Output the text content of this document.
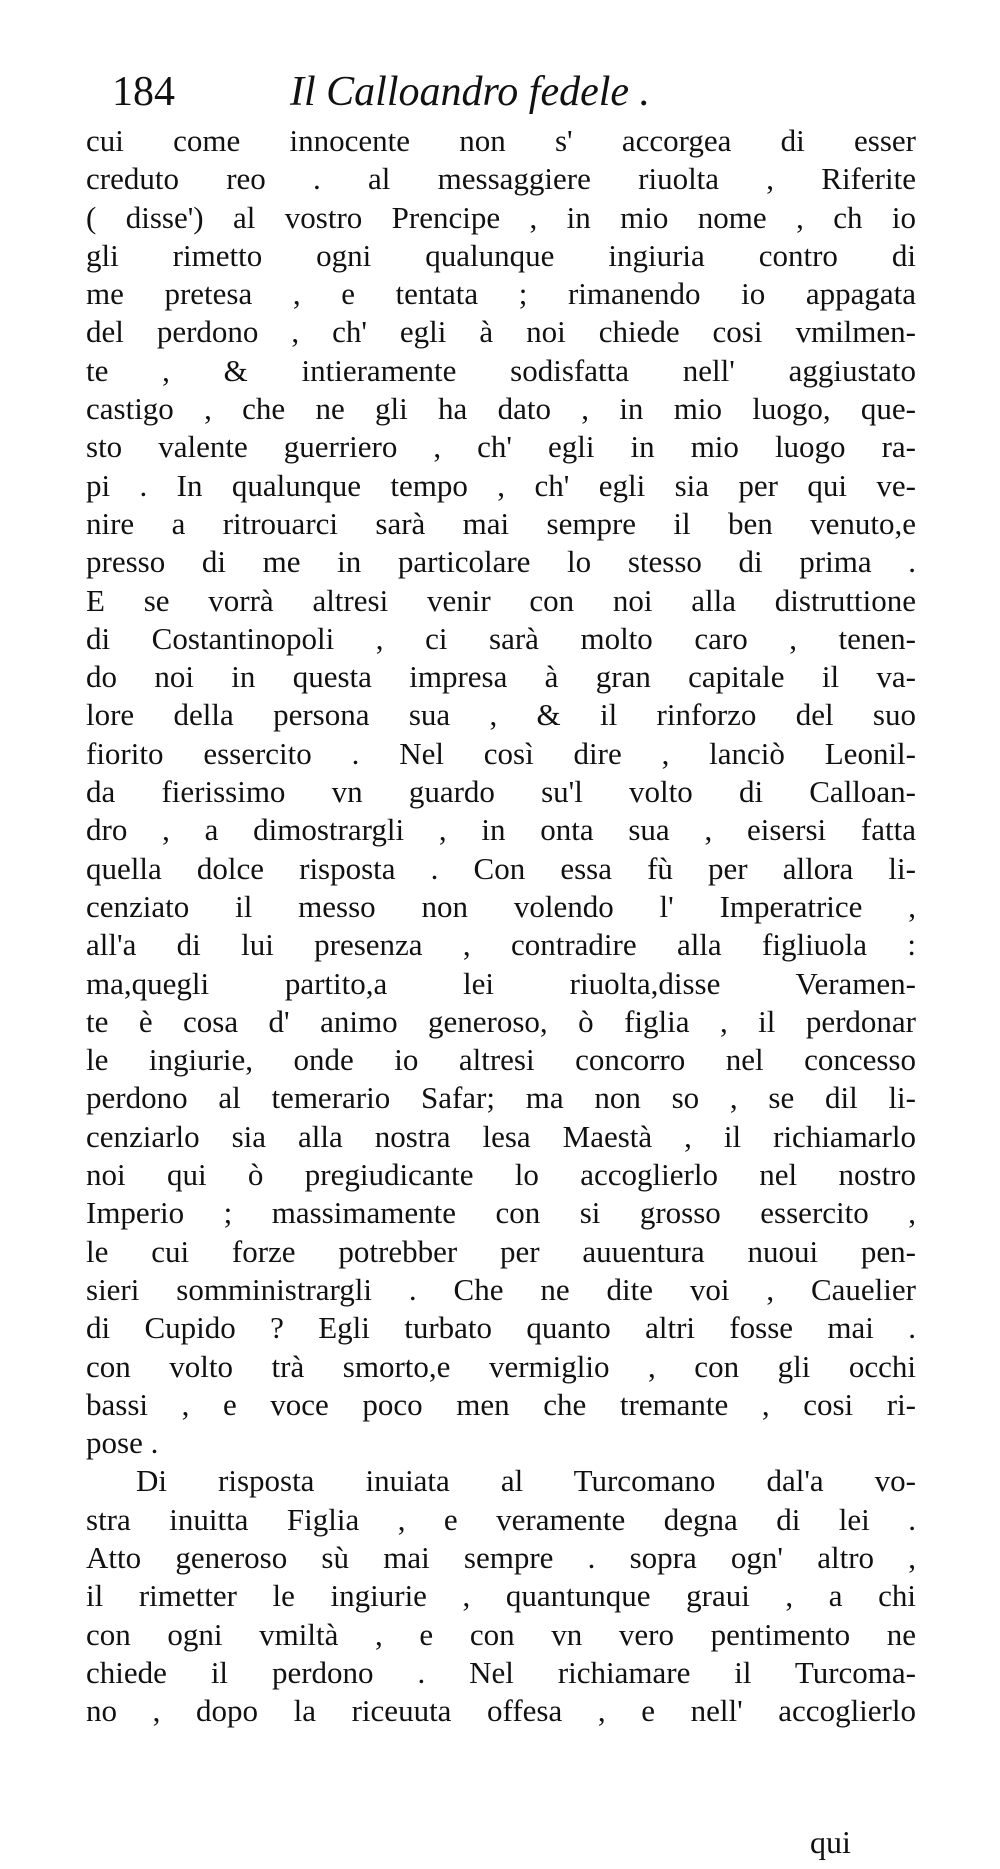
184	Il Calloandro fedele .
cui come innocente non s' accorgea di esser
creduto reo . al messaggiere riuolta , Riferite
( disse') al vostro Prencipe , in mio nome , ch io
gli rimetto ogni qualunque ingiuria contro di
me pretesa , e tentata ; rimanendo io appagata
del perdono , ch' egli à noi chiede cosi vmilmen-
te , & intieramente sodisfatta nell' aggiustato
castigo , che ne gli ha dato , in mio luogo, que-
sto valente guerriero , ch' egli in mio luogo ra-
pi . In qualunque tempo , ch' egli sia per qui ve-
nire a ritrouarci sarà mai sempre il ben venuto,e
presso di me in particolare lo stesso di prima .
E se vorrà altresi venir con noi alla distruttione
di Costantinopoli , ci sarà molto caro , tenen-
do noi in questa impresa à gran capitale il va-
lore della persona sua , & il rinforzo del suo
fiorito essercito . Nel così dire , lanciò Leonil-
da fierissimo vn guardo su'l volto di Calloan-
dro , a dimostrargli , in onta sua , eisersi fatta
quella dolce risposta . Con essa fù per allora li-
cenziato il messo non volendo l' Imperatrice ,
all'a di lui presenza , contradire alla figliuola :
ma,quegli partito,a lei riuolta,disse Veramen-
te è cosa d' animo generoso, ò figlia , il perdonar
le ingiurie, onde io altresi concorro nel concesso
perdono al temerario Safar; ma non so , se dil li-
cenziarlo sia alla nostra lesa Maestà , il richiamarlo
noi qui ò pregiudicante lo accoglierlo nel nostro
Imperio ; massimamente con si grosso essercito ,
le cui forze potrebber per auuentura nuoui pen-
sieri somministrargli . Che ne dite voi , Cauelier
di Cupido ? Egli turbato quanto altri fosse mai .
con volto trà smorto,e vermiglio , con gli occhi
bassi , e voce poco men che tremante , cosi ri-
pose .
Di risposta inuiata al Turcomano dal'a vo-
stra inuitta Figlia , e veramente degna di lei .
Atto generoso sù mai sempre . sopra ogn' altro ,
il rimetter le ingiurie , quantunque graui , a chi
con ogni vmiltà , e con vn vero pentimento ne
chiede il perdono . Nel richiamare il Turcoma-
no , dopo la riceuuta offesa , e nell' accoglierlo
qui
